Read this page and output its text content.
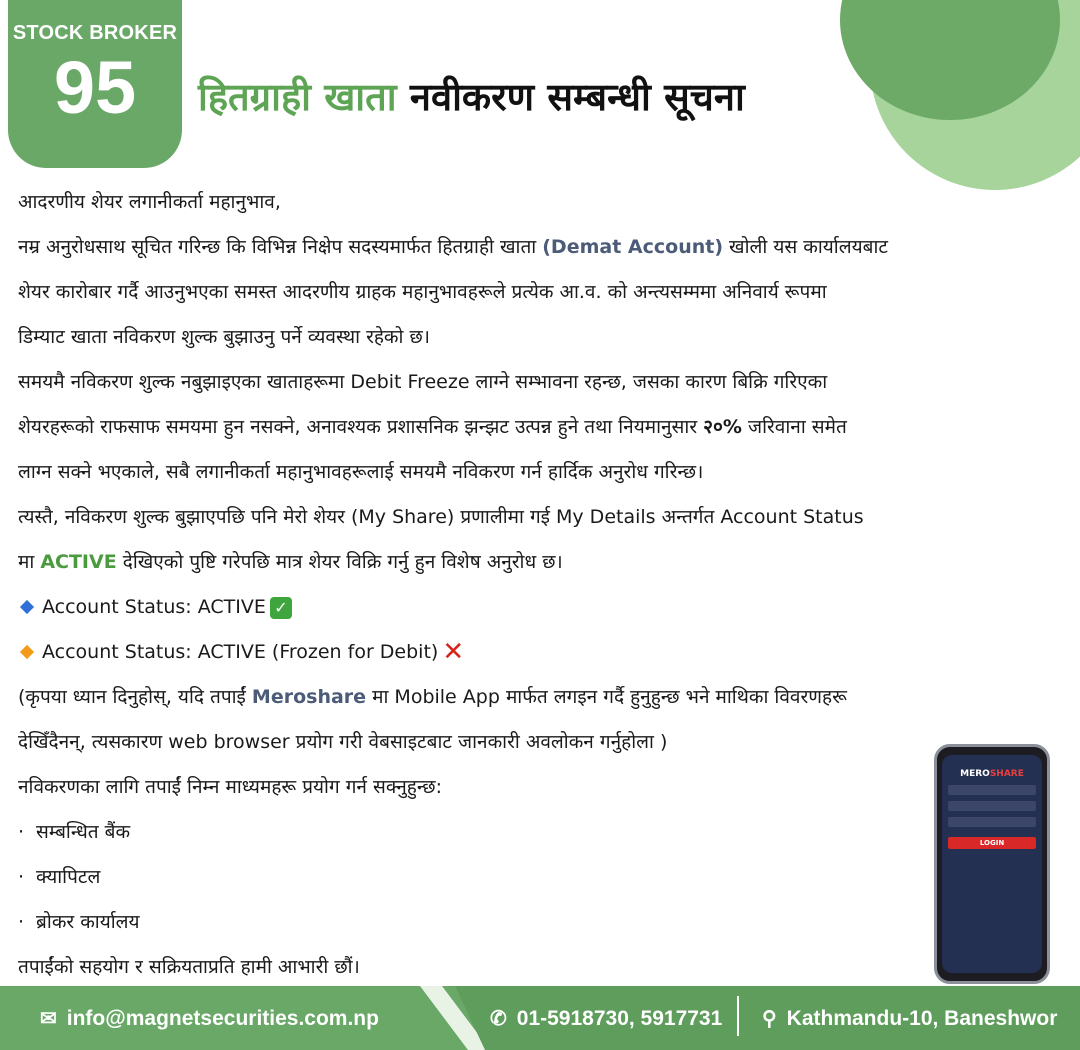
STOCK BROKER
95	हितग्राही खाता नवीकरण सम्बन्धी सूचना

आदरणीय शेयर लगानीकर्ता महानुभाव,

नम्र अनुरोधसाथ सूचित गरिन्छ कि विभिन्न निक्षेप सदस्यमार्फत हितग्राही खाता (Demat Account) खोली यस कार्यालयबाट

शेयर कारोबार गर्दै आउनुभएका समस्त आदरणीय ग्राहक महानुभावहरूले प्रत्येक आ.व. को अन्त्यसम्ममा अनिवार्य रूपमा

डिम्याट खाता नविकरण शुल्क बुझाउनु पर्ने व्यवस्था रहेको छ।

समयमै नविकरण शुल्क नबुझाइएका खाताहरूमा Debit Freeze लाग्ने सम्भावना रहन्छ, जसका कारण बिक्रि गरिएका

शेयरहरूको राफसाफ समयमा हुन नसक्ने, अनावश्यक प्रशासनिक झन्झट उत्पन्न हुने तथा नियमानुसार २०% जरिवाना समेत

लाग्न सक्ने भएकाले, सबै लगानीकर्ता महानुभावहरूलाई समयमै नविकरण गर्न हार्दिक अनुरोध गरिन्छ।

त्यस्तै, नविकरण शुल्क बुझाएपछि पनि मेरो शेयर (My Share) प्रणालीमा गई My Details अन्तर्गत Account Status

मा ACTIVE देखिएको पुष्टि गरेपछि मात्र शेयर विक्रि गर्नु हुन विशेष अनुरोध छ।

Account Status: ACTIVE ✓

Account Status: ACTIVE (Frozen for Debit) ✕

(कृपया ध्यान दिनुहोस्, यदि तपाईं Meroshare मा Mobile App मार्फत लगइन गर्दै हुनुहुन्छ भने माथिका विवरणहरू

देखिँदैनन्, त्यसकारण web browser प्रयोग गरी वेबसाइटबाट जानकारी अवलोकन गर्नुहोला )

नविकरणका लागि तपाईं निम्न माध्यमहरू प्रयोग गर्न सक्नुहुन्छ:

· सम्बन्धित बैंक

· क्यापिटल

· ब्रोकर कार्यालय

तपाईंको सहयोग र सक्रियताप्रति हामी आभारी छौं।

MEROSHARE
LOGIN
✉ info@magnetsecurities.com.np	✆ 01-5918730, 5917731 ⚲ Kathmandu-10, Baneshwor
